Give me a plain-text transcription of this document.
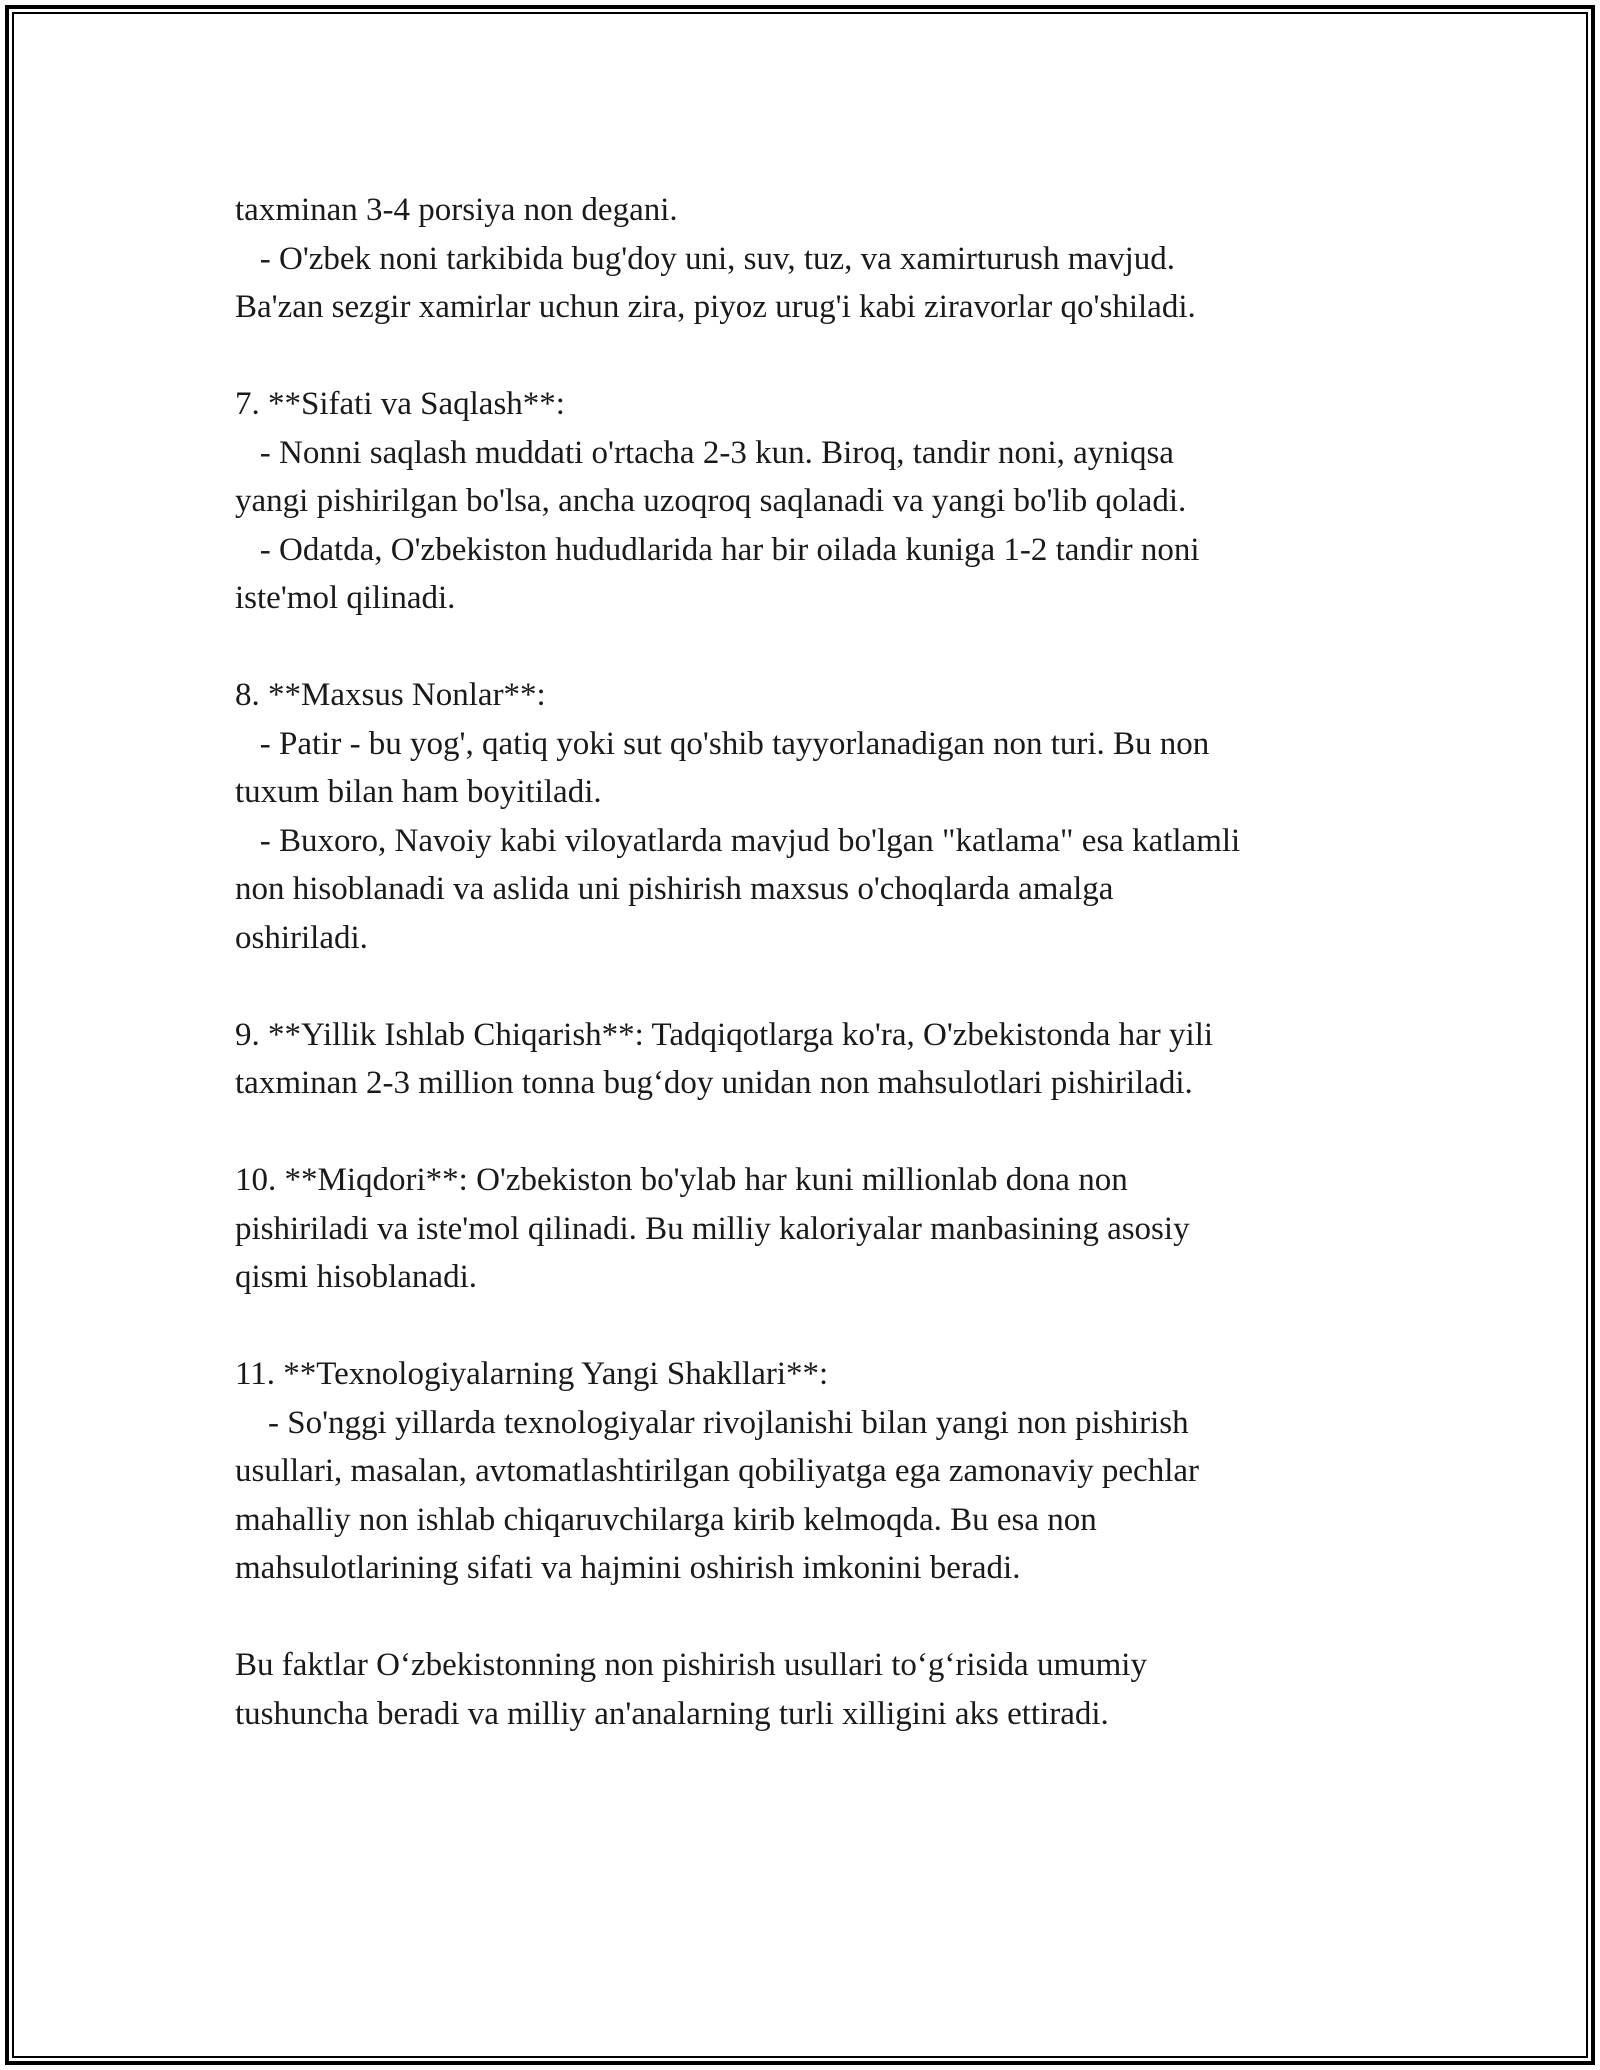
taxminan 3-4 porsiya non degani.
- O'zbek noni tarkibida bug'doy uni, suv, tuz, va xamirturush mavjud.
Ba'zan sezgir xamirlar uchun zira, piyoz urug'i kabi ziravorlar qo'shiladi.
7. **Sifati va Saqlash**:
- Nonni saqlash muddati o'rtacha 2-3 kun. Biroq, tandir noni, ayniqsa
yangi pishirilgan bo'lsa, ancha uzoqroq saqlanadi va yangi bo'lib qoladi.
- Odatda, O'zbekiston hududlarida har bir oilada kuniga 1-2 tandir noni
iste'mol qilinadi.
8. **Maxsus Nonlar**:
- Patir - bu yog', qatiq yoki sut qo'shib tayyorlanadigan non turi. Bu non
tuxum bilan ham boyitiladi.
- Buxoro, Navoiy kabi viloyatlarda mavjud bo'lgan "katlama" esa katlamli
non hisoblanadi va aslida uni pishirish maxsus o'choqlarda amalga
oshiriladi.
9. **Yillik Ishlab Chiqarish**: Tadqiqotlarga ko'ra, O'zbekistonda har yili
taxminan 2-3 million tonna bug‘doy unidan non mahsulotlari pishiriladi.
10. **Miqdori**: O'zbekiston bo'ylab har kuni millionlab dona non
pishiriladi va iste'mol qilinadi. Bu milliy kaloriyalar manbasining asosiy
qismi hisoblanadi.
11. **Texnologiyalarning Yangi Shakllari**:
- So'nggi yillarda texnologiyalar rivojlanishi bilan yangi non pishirish
usullari, masalan, avtomatlashtirilgan qobiliyatga ega zamonaviy pechlar
mahalliy non ishlab chiqaruvchilarga kirib kelmoqda. Bu esa non
mahsulotlarining sifati va hajmini oshirish imkonini beradi.
Bu faktlar O‘zbekistonning non pishirish usullari to‘g‘risida umumiy
tushuncha beradi va milliy an'analarning turli xilligini aks ettiradi.
